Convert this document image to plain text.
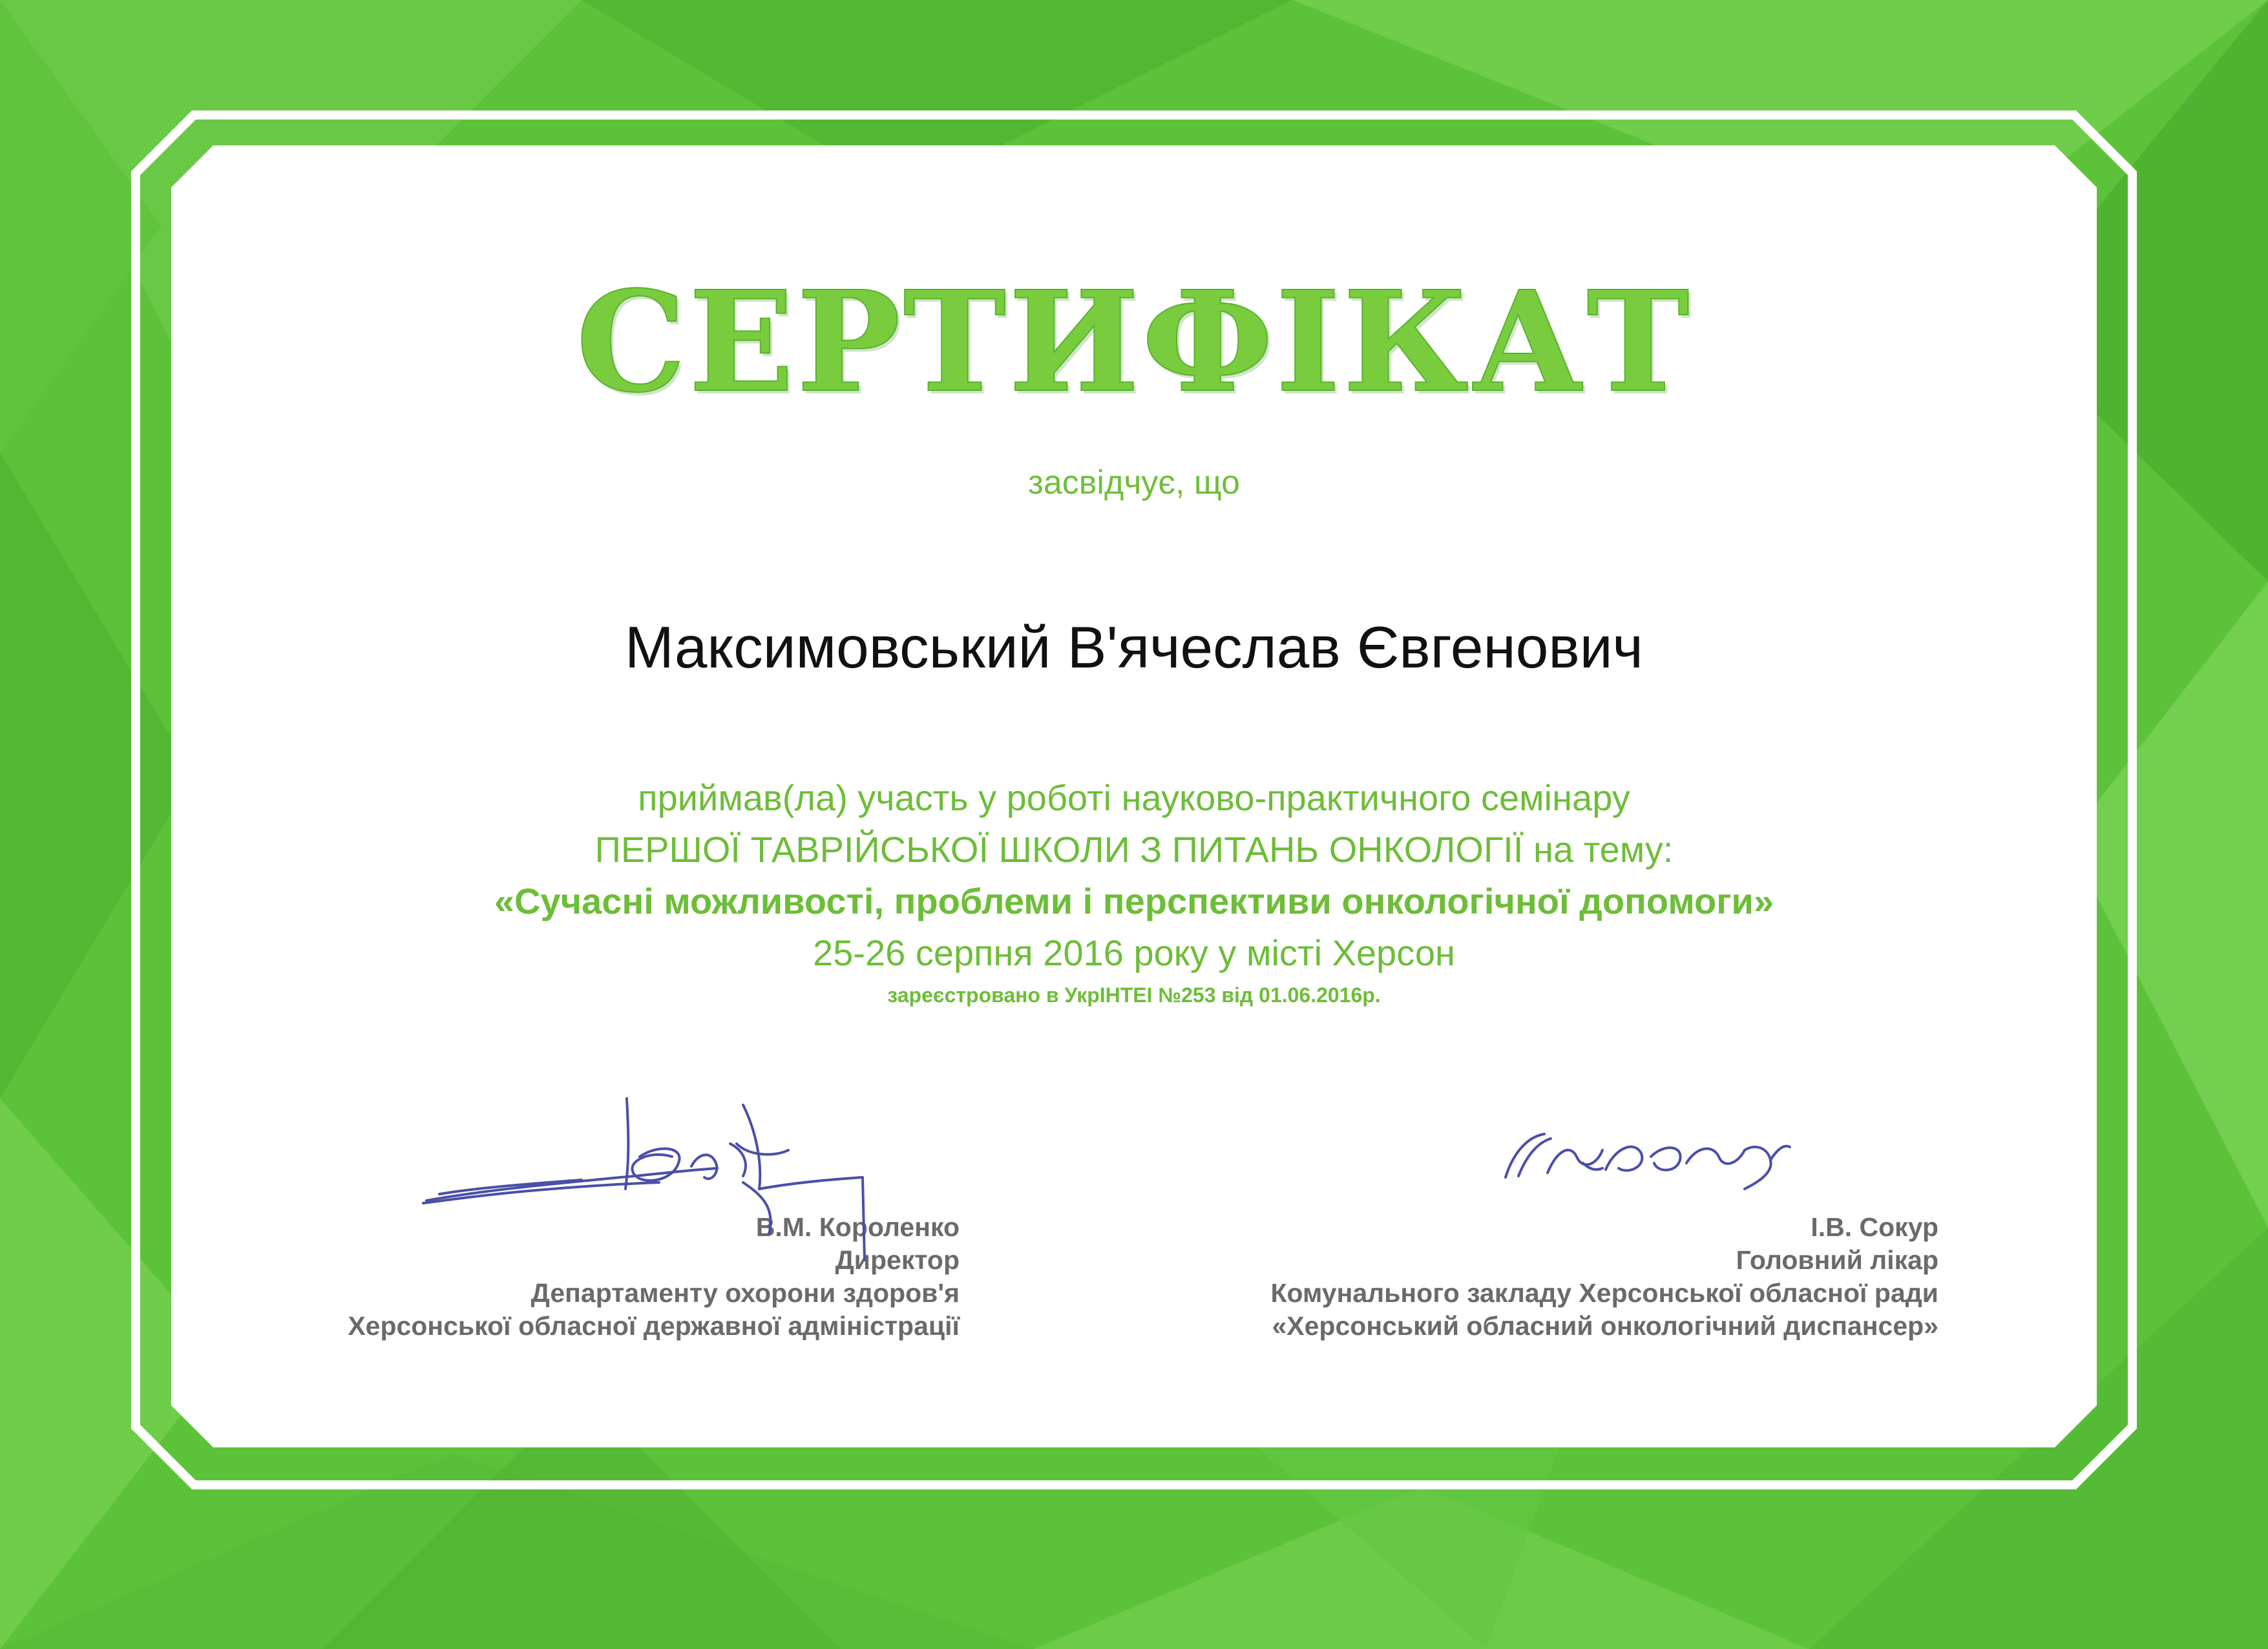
СЕРТИФІКАТ
засвідчує, що
Максимовський В'ячеслав Євгенович
приймав(ла) участь у роботі науково-практичного семінару
ПЕРШОЇ ТАВРІЙСЬКОЇ ШКОЛИ З ПИТАНЬ ОНКОЛОГІЇ на тему:
«Сучасні можливості, проблеми і перспективи онкологічної допомоги»
25-26 серпня 2016 року у місті Херсон
зареєстровано в УкрІНТЕІ №253 від 01.06.2016р.
В.М. Короленко
Директор
Департаменту охорони здоров'я
Херсонської обласної державної адміністрації
І.В. Сокур
Головний лікар
Комунального закладу Херсонської обласної ради
«Херсонський обласний онкологічний диспансер»
